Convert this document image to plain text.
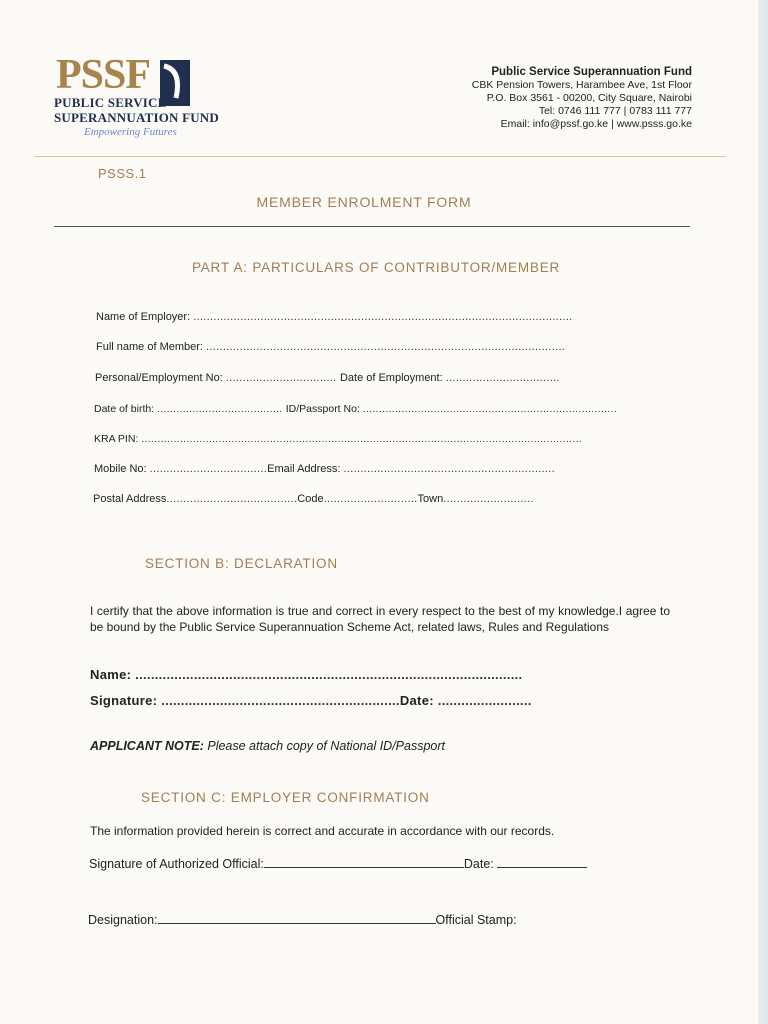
PSSF
PUBLIC SERVICE
SUPERANNUATION FUND
Empowering Futures
Public Service Superannuation Fund
CBK Pension Towers, Harambee Ave, 1st Floor
P.O. Box 3561 - 00200, City Square, Nairobi
Tel: 0746 111 777 | 0783 111 777
Email: info@pssf.go.ke | www.psss.go.ke
PSSS.1
MEMBER ENROLMENT FORM
PART A: PARTICULARS OF CONTRIBUTOR/MEMBER
Name of Employer: .................................................................................................................
Full name of Member: ...........................................................................................................
Personal/Employment No: ................................. Date of Employment: ..................................
Date of birth: ....................................... ID/Passport No: ...............................................................................
KRA PIN: .........................................................................................................................................
Mobile No: ...................................Email Address: ...............................................................
Postal Address.......................................Code............................Town...........................
SECTION B: DECLARATION
I certify that the above information is true and correct in every respect to the best of my knowledge.I agree to be bound by the Public Service Superannuation Scheme Act, related laws, Rules and Regulations
Name: ...................................................................................................
Signature: .............................................................Date: ........................
APPLICANT NOTE: Please attach copy of National ID/Passport
SECTION C: EMPLOYER CONFIRMATION
The information provided herein is correct and accurate in accordance with our records.
Signature of Authorized Official:	Date:
Designation:	Official Stamp:
